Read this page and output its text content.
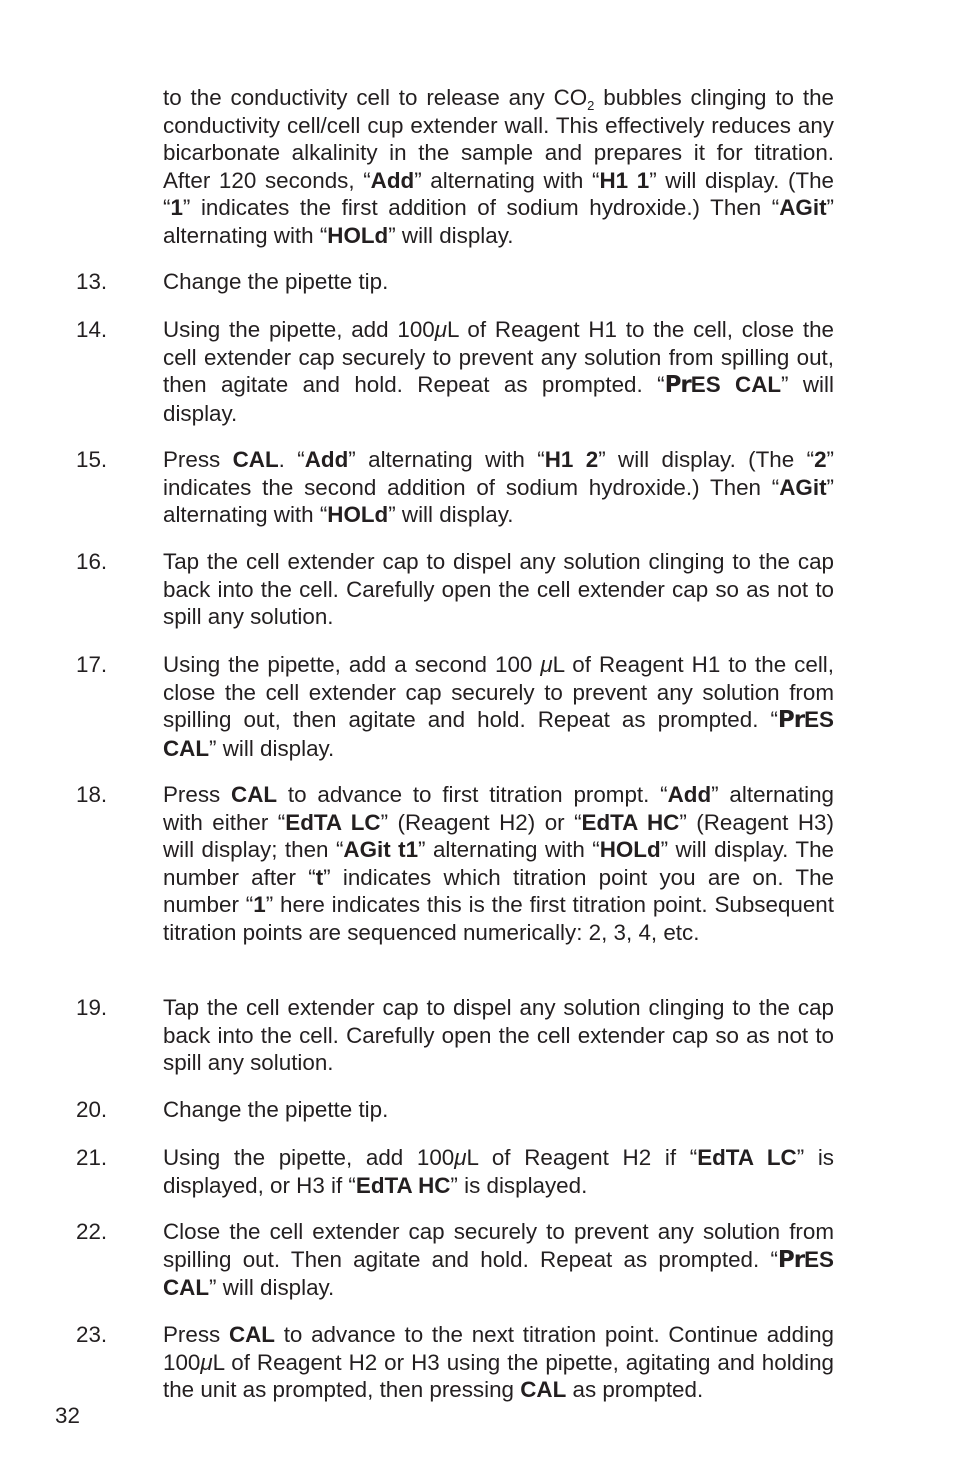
to the conductivity cell to release any $CO_2$ bubbles clinging to the conductivity cell/cell cup extender wall. This effectively reduces any bicarbonate alkalinity in the sample and prepares it for titration. After 120 seconds, “Add” alternating with “H1 1” will display. (The “1” indicates the first addition of sodium hydroxide.) Then “AGit” alternating with “HOLd” will display.

13. Change the pipette tip.

14. Using the pipette, add 100μL of Reagent H1 to the cell, close the cell extender cap securely to prevent any solution from spilling out, then agitate and hold. Repeat as prompted. “PrES CAL” will display.

15. Press CAL. “Add” alternating with “H1 2” will display. (The “2” indicates the second addition of sodium hydroxide.) Then “AGit” alternating with “HOLd” will display.

16. Tap the cell extender cap to dispel any solution clinging to the cap back into the cell. Carefully open the cell extender cap so as not to spill any solution.

17. Using the pipette, add a second 100 μL of Reagent H1 to the cell, close the cell extender cap securely to prevent any solution from spilling out, then agitate and hold. Repeat as prompted. “PrES CAL” will display.

18. Press CAL to advance to first titration prompt. “Add” alternating with either “EdTA LC” (Reagent H2) or “EdTA HC” (Reagent H3) will display; then “AGit t1” alternating with “HOLd” will display. The number after “t” indicates which titration point you are on. The number “1” here indicates this is the first titration point. Subsequent titration points are sequenced numerically: 2, 3, 4, etc.

19. Tap the cell extender cap to dispel any solution clinging to the cap back into the cell. Carefully open the cell extender cap so as not to spill any solution.

20. Change the pipette tip.

21. Using the pipette, add 100μL of Reagent H2 if “EdTA LC” is displayed, or H3 if “EdTA HC” is displayed.

22. Close the cell extender cap securely to prevent any solution from spilling out. Then agitate and hold. Repeat as prompted. “PrES CAL” will display.

23. Press CAL to advance to the next titration point. Continue adding 100μL of Reagent H2 or H3 using the pipette, agitating and holding the unit as prompted, then pressing CAL as prompted.

32
